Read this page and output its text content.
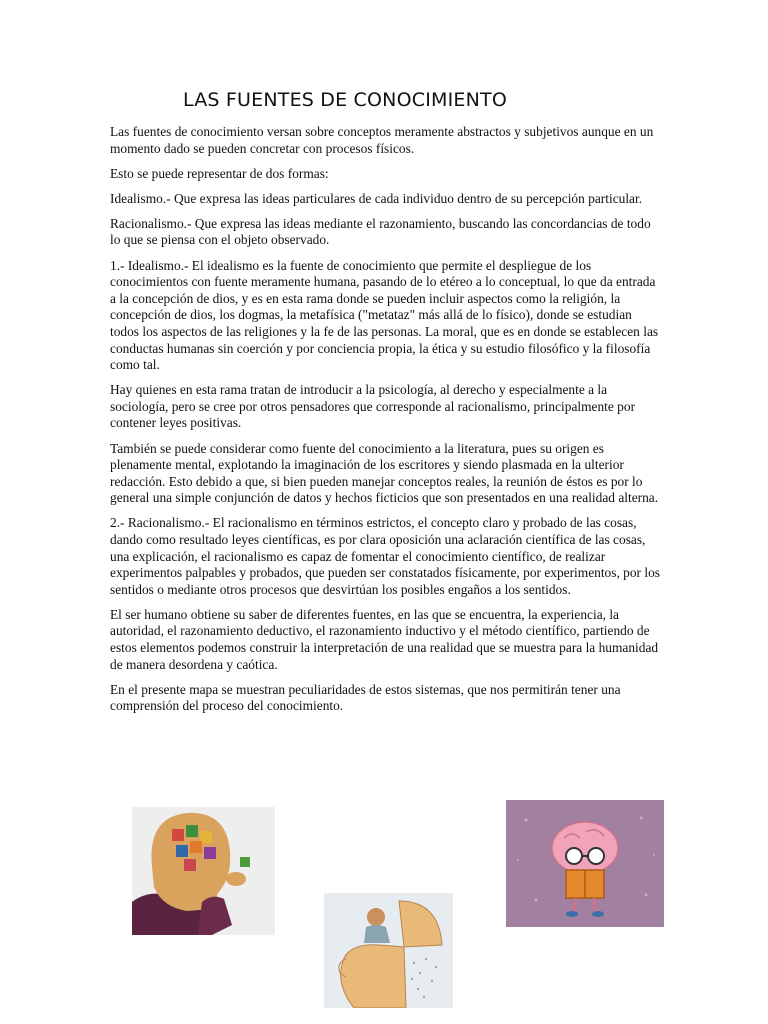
LAS FUENTES DE CONOCIMIENTO

Las fuentes de conocimiento versan sobre conceptos meramente abstractos y subjetivos aunque en un momento dado se pueden concretar con procesos físicos.

Esto se puede representar de dos formas:

Idealismo.- Que expresa las ideas particulares de cada individuo dentro de su percepción particular.

Racionalismo.- Que expresa las ideas mediante el razonamiento, buscando las concordancias de todo lo que se piensa con el objeto observado.

1.- Idealismo.- El idealismo es la fuente de conocimiento que permite el despliegue de los conocimientos con fuente meramente humana, pasando de lo etéreo a lo conceptual, lo que da entrada a la concepción de dios, y es en esta rama donde se pueden incluir aspectos como la religión, la concepción de dios, los dogmas, la metafísica ("metataz" más allá de lo físico), donde se estudian todos los aspectos de las religiones y la fe de las personas. La moral, que es en donde se establecen las conductas humanas sin coerción y por conciencia propia, la ética y su estudio filosófico y la filosofía como tal.

Hay quienes en esta rama tratan de introducir a la psicología, al derecho y especialmente a la sociología, pero se cree por otros pensadores que corresponde al racionalismo, principalmente por contener leyes positivas.

También se puede considerar como fuente del conocimiento a la literatura, pues su origen es plenamente mental, explotando la imaginación de los escritores y siendo plasmada en la ulterior redacción. Esto debido a que, si bien pueden manejar conceptos reales, la reunión de éstos es por lo general una simple conjunción de datos y hechos ficticios que son presentados en una realidad alterna.

2.- Racionalismo.- El racionalismo en términos estrictos, el concepto claro y probado de las cosas, dando como resultado leyes científicas, es por clara oposición una aclaración científica de las cosas, una explicación, el racionalismo es capaz de fomentar el conocimiento científico, de realizar experimentos palpables y probados, que pueden ser constatados físicamente, por experimentos, por los sentidos o mediante otros procesos que desvirtúan los posibles engaños a los sentidos.

El ser humano obtiene su saber de diferentes fuentes, en las que se encuentra, la experiencia, la autoridad, el razonamiento deductivo, el razonamiento inductivo y el método científico, partiendo de estos elementos podemos construir la interpretación de una realidad que se muestra para la humanidad de manera desordena y caótica.

En el presente mapa se muestran peculiaridades de estos sistemas, que nos permitirán tener una comprensión del proceso del conocimiento.
